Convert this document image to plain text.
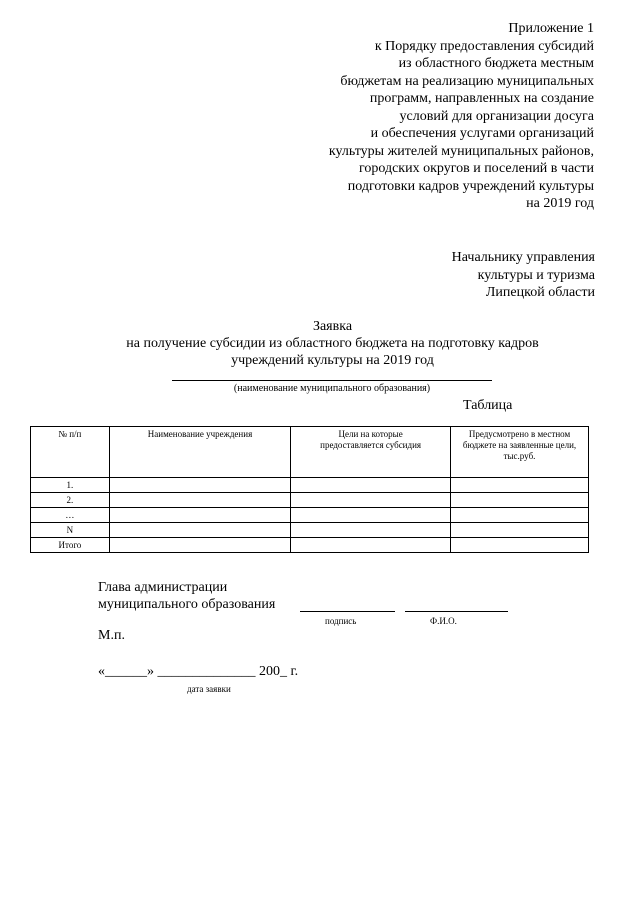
Приложение 1
к Порядку предоставления субсидий
из областного бюджета местным
бюджетам на реализацию муниципальных
программ, направленных на создание
условий для организации досуга
и обеспечения услугами организаций
культуры жителей муниципальных районов,
городских округов и поселений в части
подготовки кадров учреждений культуры
на 2019 год
Начальнику управления
культуры и туризма
Липецкой области
Заявка
на получение субсидии из областного бюджета на подготовку кадров
учреждений культуры на 2019 год
(наименование муниципального образования)
Таблица
№ п/п	Наименование учреждения	Цели на которые предоставляется субсидия	Предусмотрено в местном бюджете на заявленные цели, тыс.руб.
1.			
2.			
…			
N			
Итого			
Глава администрации
муниципального образования
подпись	Ф.И.О.
М.п.
«______» ______________ 200_ г.
дата заявки
